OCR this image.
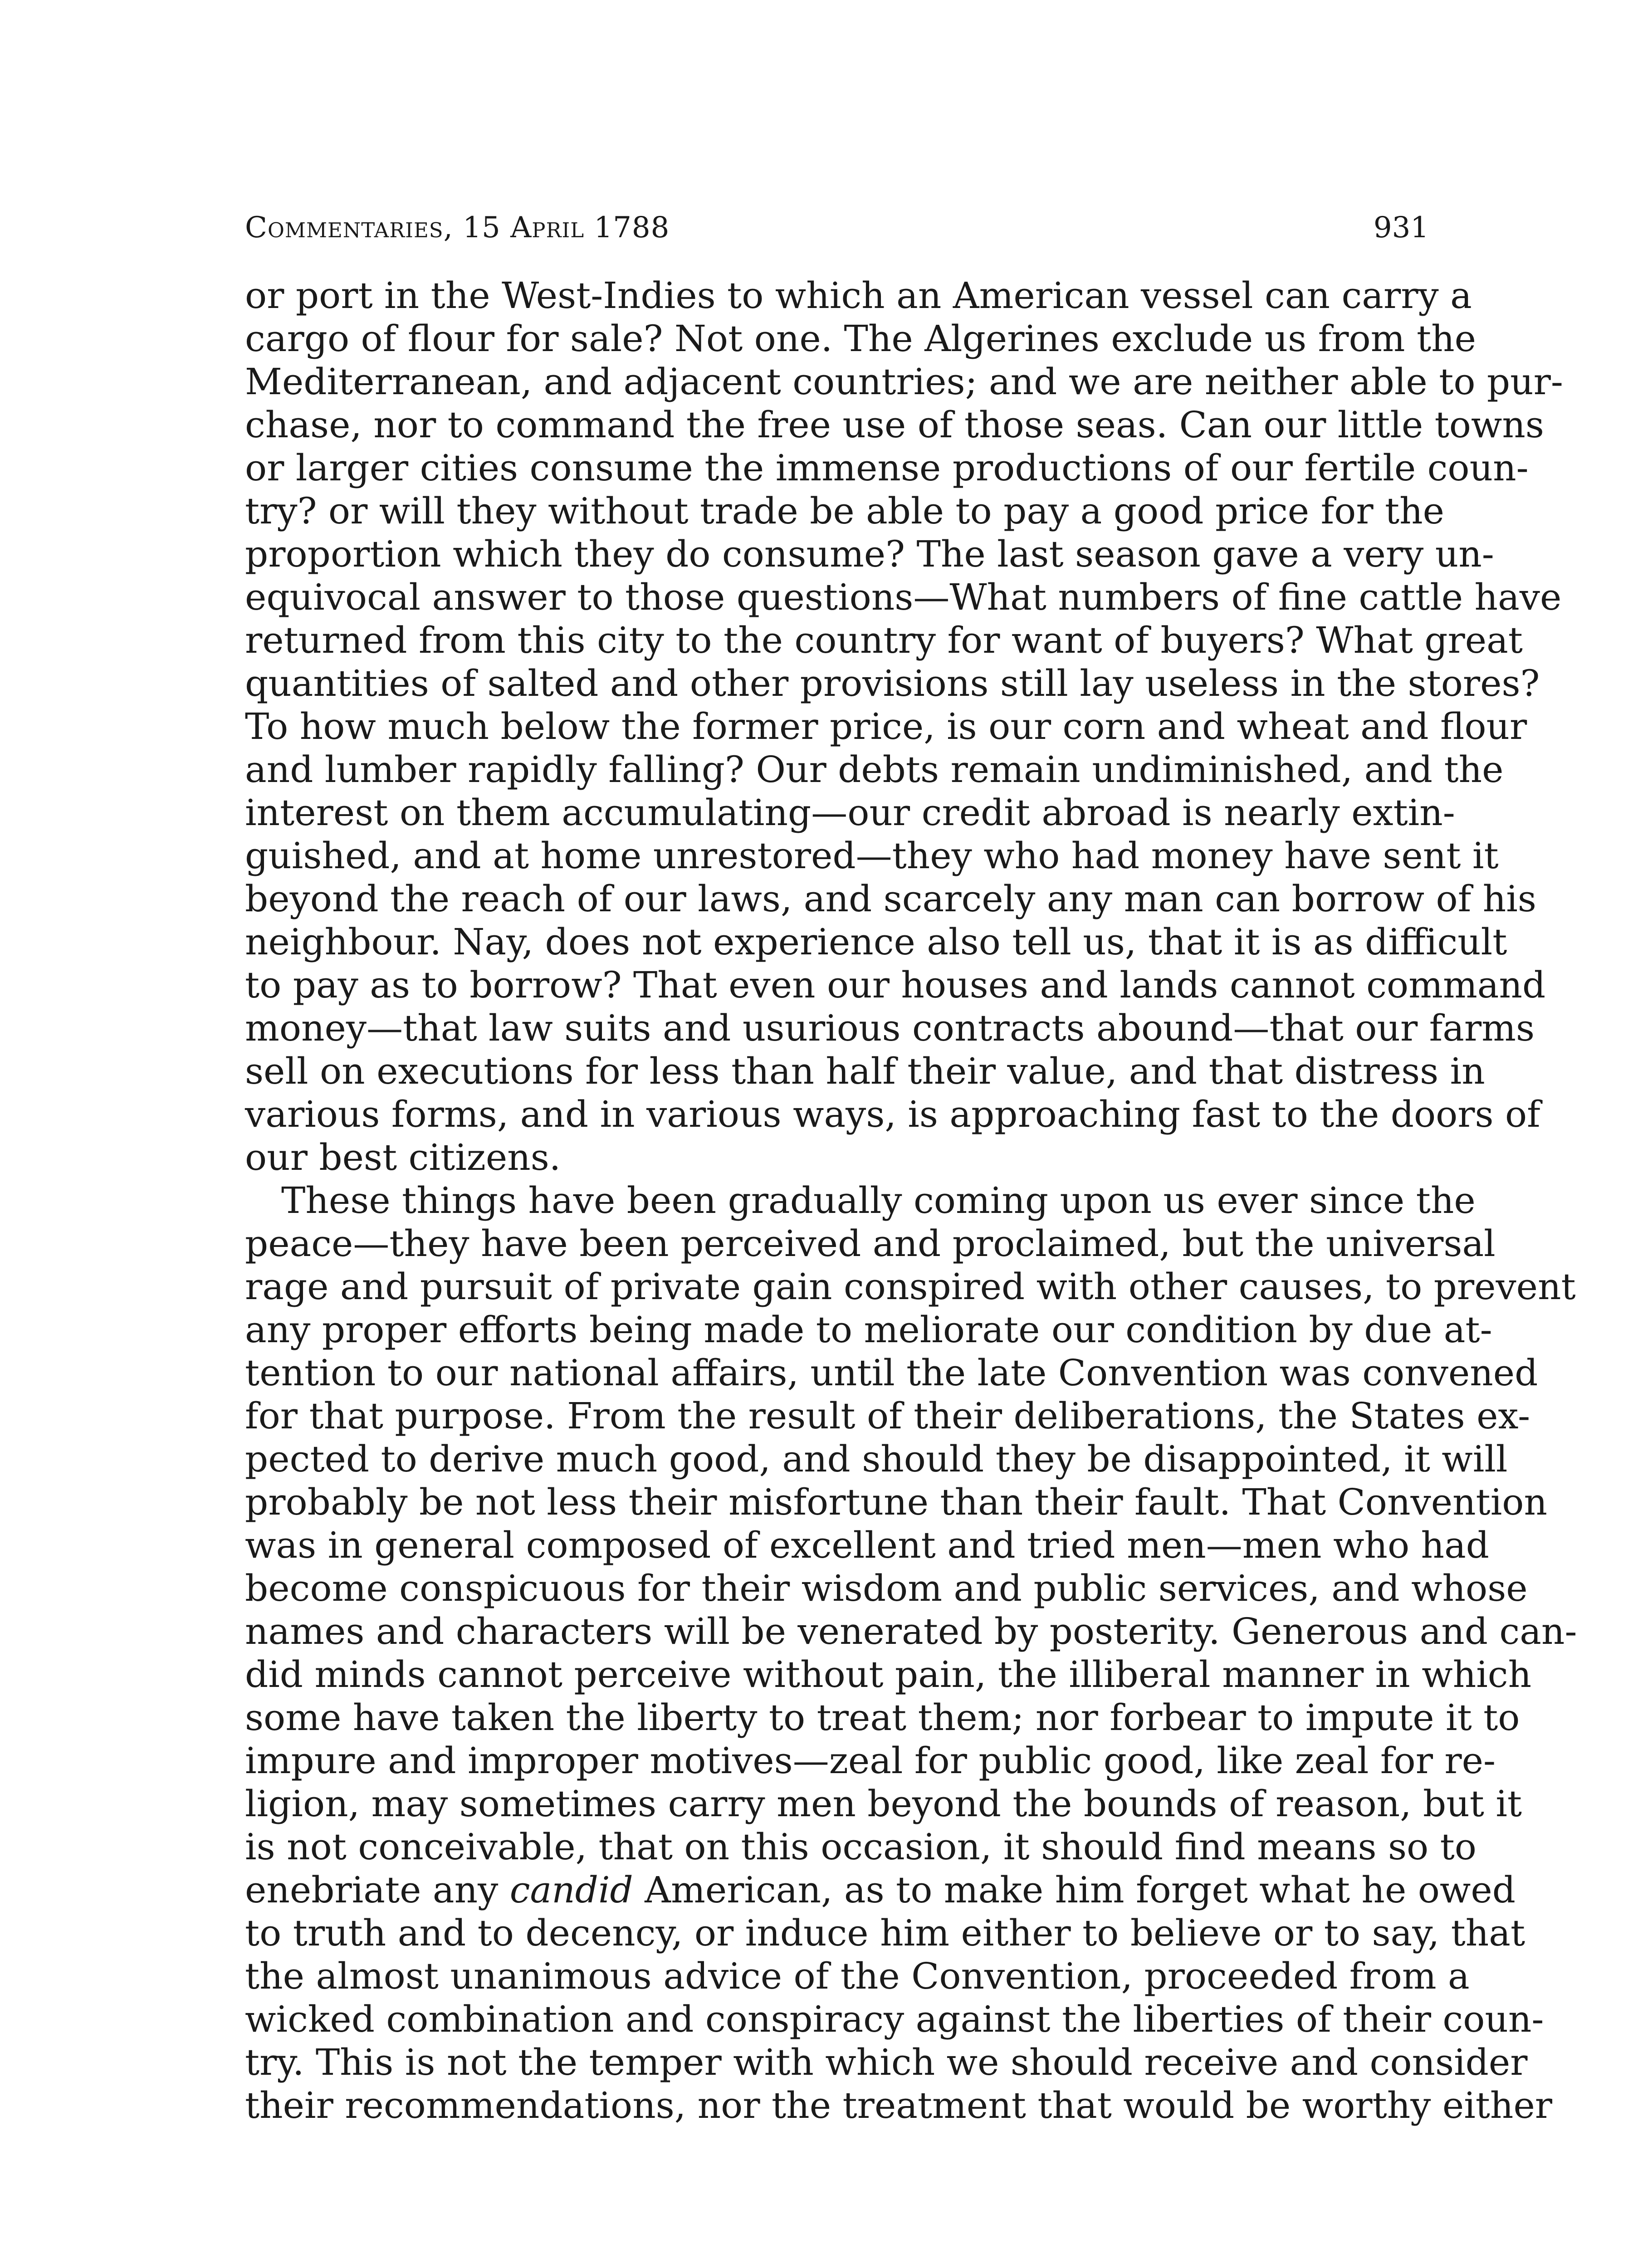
Commentaries, 15 April 1788	931

or port in the West-Indies to which an American vessel can carry a
cargo of flour for sale? Not one. The Algerines exclude us from the
Mediterranean, and adjacent countries; and we are neither able to pur-
chase, nor to command the free use of those seas. Can our little towns
or larger cities consume the immense productions of our fertile coun-
try? or will they without trade be able to pay a good price for the
proportion which they do consume? The last season gave a very un-
equivocal answer to those questions—What numbers of fine cattle have
returned from this city to the country for want of buyers? What great
quantities of salted and other provisions still lay useless in the stores?
To how much below the former price, is our corn and wheat and flour
and lumber rapidly falling? Our debts remain undiminished, and the
interest on them accumulating—our credit abroad is nearly extin-
guished, and at home unrestored—they who had money have sent it
beyond the reach of our laws, and scarcely any man can borrow of his
neighbour. Nay, does not experience also tell us, that it is as difficult
to pay as to borrow? That even our houses and lands cannot command
money—that law suits and usurious contracts abound—that our farms
sell on executions for less than half their value, and that distress in
various forms, and in various ways, is approaching fast to the doors of
our best citizens.

These things have been gradually coming upon us ever since the
peace—they have been perceived and proclaimed, but the universal
rage and pursuit of private gain conspired with other causes, to prevent
any proper efforts being made to meliorate our condition by due at-
tention to our national affairs, until the late Convention was convened
for that purpose. From the result of their deliberations, the States ex-
pected to derive much good, and should they be disappointed, it will
probably be not less their misfortune than their fault. That Convention
was in general composed of excellent and tried men—men who had
become conspicuous for their wisdom and public services, and whose
names and characters will be venerated by posterity. Generous and can-
did minds cannot perceive without pain, the illiberal manner in which
some have taken the liberty to treat them; nor forbear to impute it to
impure and improper motives—zeal for public good, like zeal for re-
ligion, may sometimes carry men beyond the bounds of reason, but it
is not conceivable, that on this occasion, it should find means so to
enebriate any candid American, as to make him forget what he owed
to truth and to decency, or induce him either to believe or to say, that
the almost unanimous advice of the Convention, proceeded from a
wicked combination and conspiracy against the liberties of their coun-
try. This is not the temper with which we should receive and consider
their recommendations, nor the treatment that would be worthy either
